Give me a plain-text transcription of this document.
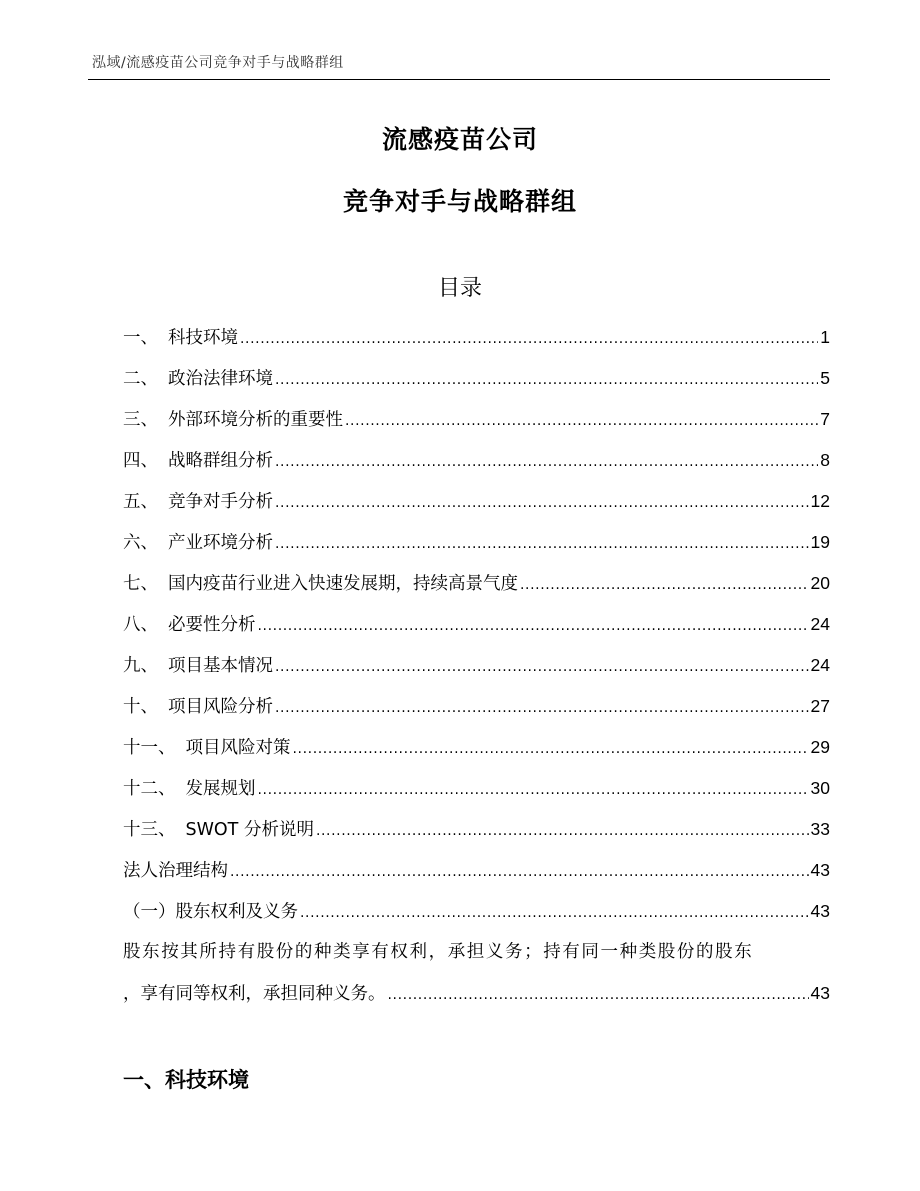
泓域/流感疫苗公司竞争对手与战略群组
流感疫苗公司
竞争对手与战略群组
目录
一、 科技环境 .....	1
二、 政治法律环境 .....	5
三、 外部环境分析的重要性 .....	7
四、 战略群组分析 .....	8
五、 竞争对手分析 .....	12
六、 产业环境分析 .....	19
七、 国内疫苗行业进入快速发展期，持续高景气度 .....	20
八、 必要性分析 .....	24
九、 项目基本情况 .....	24
十、 项目风险分析 .....	27
十一、 项目风险对策 .....	29
十二、 发展规划 .....	30
十三、 SWOT 分析说明 .....	33
法人治理结构 .....	43
（一）股东权利及义务 .....	43
股东按其所持有股份的种类享有权利，承担义务；持有同一种类股份的股东
，享有同等权利，承担同种义务。 .....	43
一、科技环境
